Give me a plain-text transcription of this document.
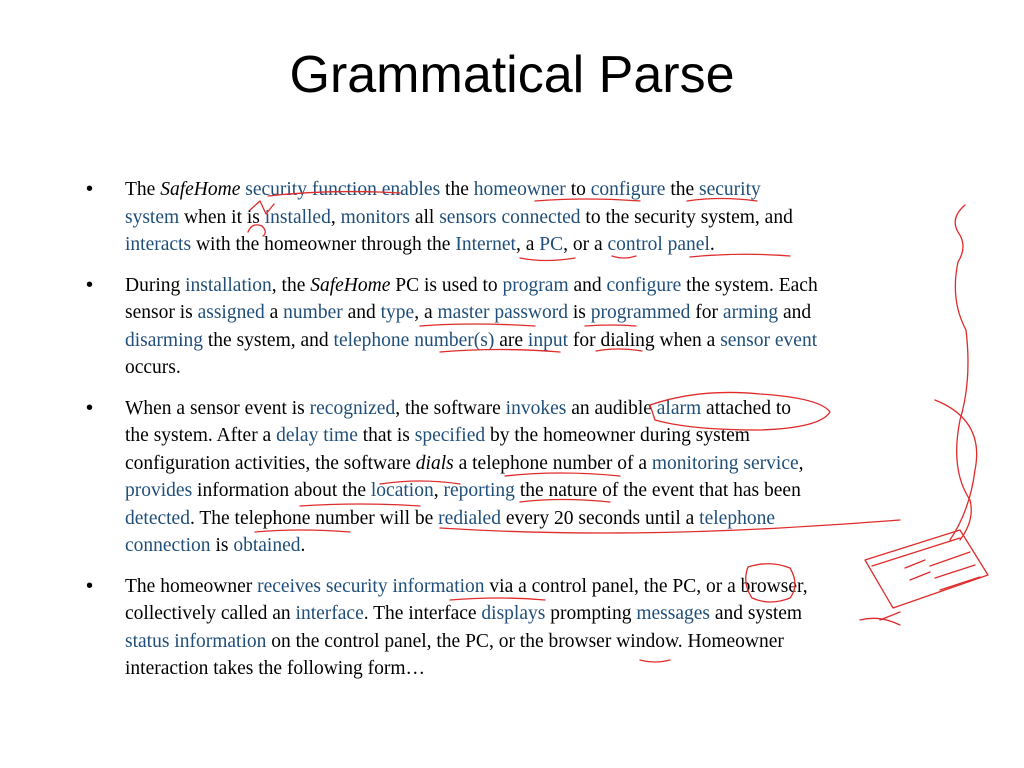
Grammatical Parse
• The SafeHome security function enables the homeowner to configure the security
system when it is installed, monitors all sensors connected to the security system, and
interacts with the homeowner through the Internet, a PC, or a control panel.
• During installation, the SafeHome PC is used to program and configure the system. Each
sensor is assigned a number and type, a master password is programmed for arming and
disarming the system, and telephone number(s) are input for dialing when a sensor event
occurs.
• When a sensor event is recognized, the software invokes an audible alarm attached to
the system. After a delay time that is specified by the homeowner during system
configuration activities, the software dials a telephone number of a monitoring service,
provides information about the location, reporting the nature of the event that has been
detected. The telephone number will be redialed every 20 seconds until a telephone
connection is obtained.
• The homeowner receives security information via a control panel, the PC, or a browser,
collectively called an interface. The interface displays prompting messages and system
status information on the control panel, the PC, or the browser window. Homeowner
interaction takes the following form…
